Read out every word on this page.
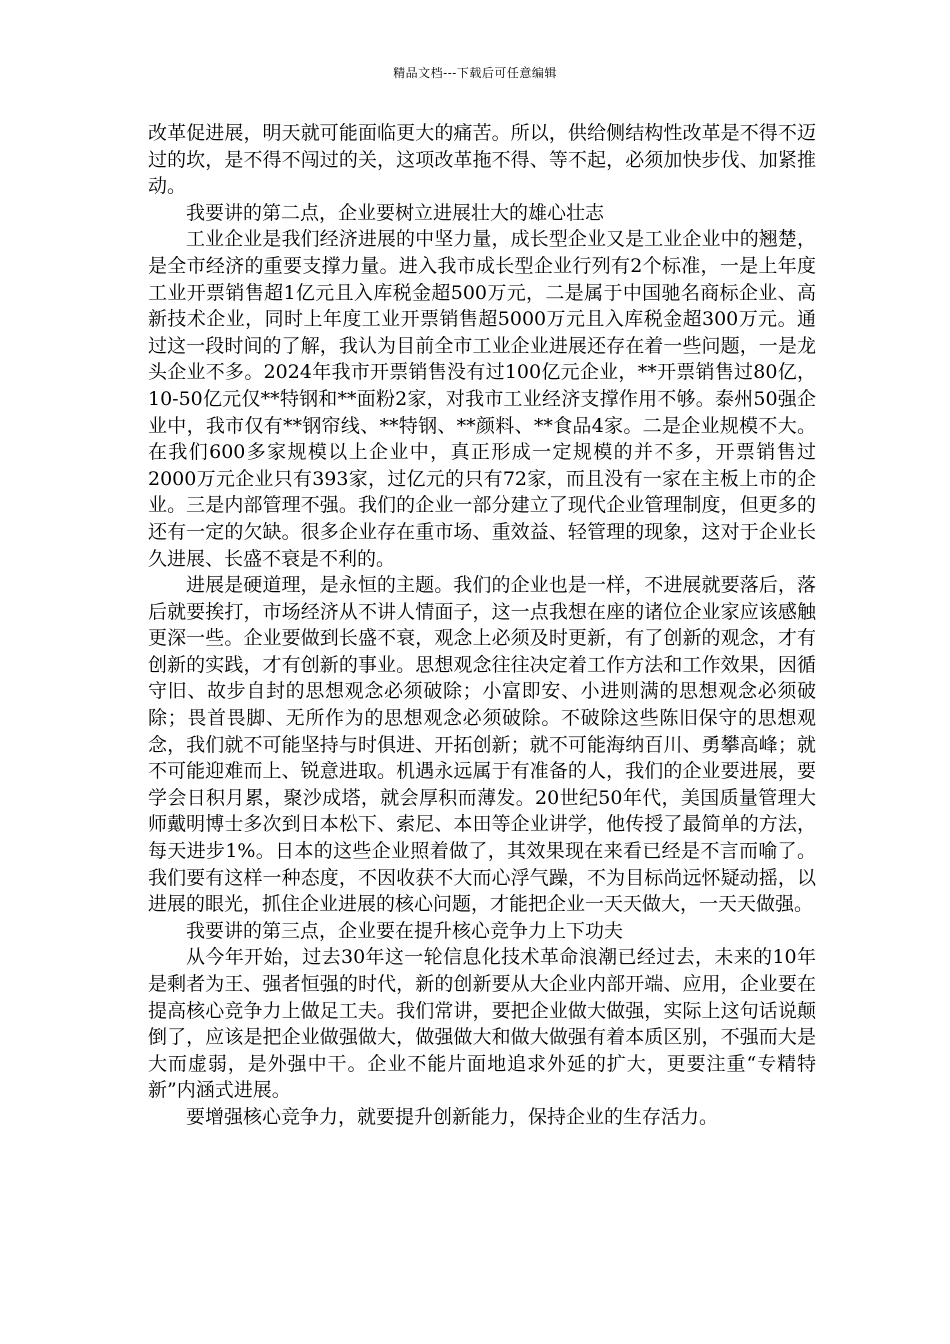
精品文档---下载后可任意编辑

改革促进展，明天就可能面临更大的痛苦。所以，供给侧结构性改革是不得不迈过的坎，是不得不闯过的关，这项改革拖不得、等不起，必须加快步伐、加紧推动。

我要讲的第二点，企业要树立进展壮大的雄心壮志

工业企业是我们经济进展的中坚力量，成长型企业又是工业企业中的翘楚，是全市经济的重要支撑力量。进入我市成长型企业行列有2个标准，一是上年度工业开票销售超1亿元且入库税金超500万元，二是属于中国驰名商标企业、高新技术企业，同时上年度工业开票销售超5000万元且入库税金超300万元。通过这一段时间的了解，我认为目前全市工业企业进展还存在着一些问题，一是龙头企业不多。2024年我市开票销售没有过100亿元企业，**开票销售过80亿，10-50亿元仅**特钢和**面粉2家，对我市工业经济支撑作用不够。泰州50强企业中，我市仅有**钢帘线、**特钢、**颜料、**食品4家。二是企业规模不大。在我们600多家规模以上企业中，真正形成一定规模的并不多，开票销售过2000万元企业只有393家，过亿元的只有72家，而且没有一家在主板上市的企业。三是内部管理不强。我们的企业一部分建立了现代企业管理制度，但更多的还有一定的欠缺。很多企业存在重市场、重效益、轻管理的现象，这对于企业长久进展、长盛不衰是不利的。

进展是硬道理，是永恒的主题。我们的企业也是一样，不进展就要落后，落后就要挨打，市场经济从不讲人情面子，这一点我想在座的诸位企业家应该感触更深一些。企业要做到长盛不衰，观念上必须及时更新，有了创新的观念，才有创新的实践，才有创新的事业。思想观念往往决定着工作方法和工作效果，因循守旧、故步自封的思想观念必须破除；小富即安、小进则满的思想观念必须破除；畏首畏脚、无所作为的思想观念必须破除。不破除这些陈旧保守的思想观念，我们就不可能坚持与时俱进、开拓创新；就不可能海纳百川、勇攀高峰；就不可能迎难而上、锐意进取。机遇永远属于有准备的人，我们的企业要进展，要学会日积月累，聚沙成塔，就会厚积而薄发。20世纪50年代，美国质量管理大师戴明博士多次到日本松下、索尼、本田等企业讲学，他传授了最简单的方法，每天进步1%。日本的这些企业照着做了，其效果现在来看已经是不言而喻了。我们要有这样一种态度，不因收获不大而心浮气躁，不为目标尚远怀疑动摇，以进展的眼光，抓住企业进展的核心问题，才能把企业一天天做大，一天天做强。

我要讲的第三点，企业要在提升核心竞争力上下功夫

从今年开始，过去30年这一轮信息化技术革命浪潮已经过去，未来的10年是剩者为王、强者恒强的时代，新的创新要从大企业内部开端、应用，企业要在提高核心竞争力上做足工夫。我们常讲，要把企业做大做强，实际上这句话说颠倒了，应该是把企业做强做大，做强做大和做大做强有着本质区别，不强而大是大而虚弱，是外强中干。企业不能片面地追求外延的扩大，更要注重“专精特新”内涵式进展。

要增强核心竞争力，就要提升创新能力，保持企业的生存活力。
